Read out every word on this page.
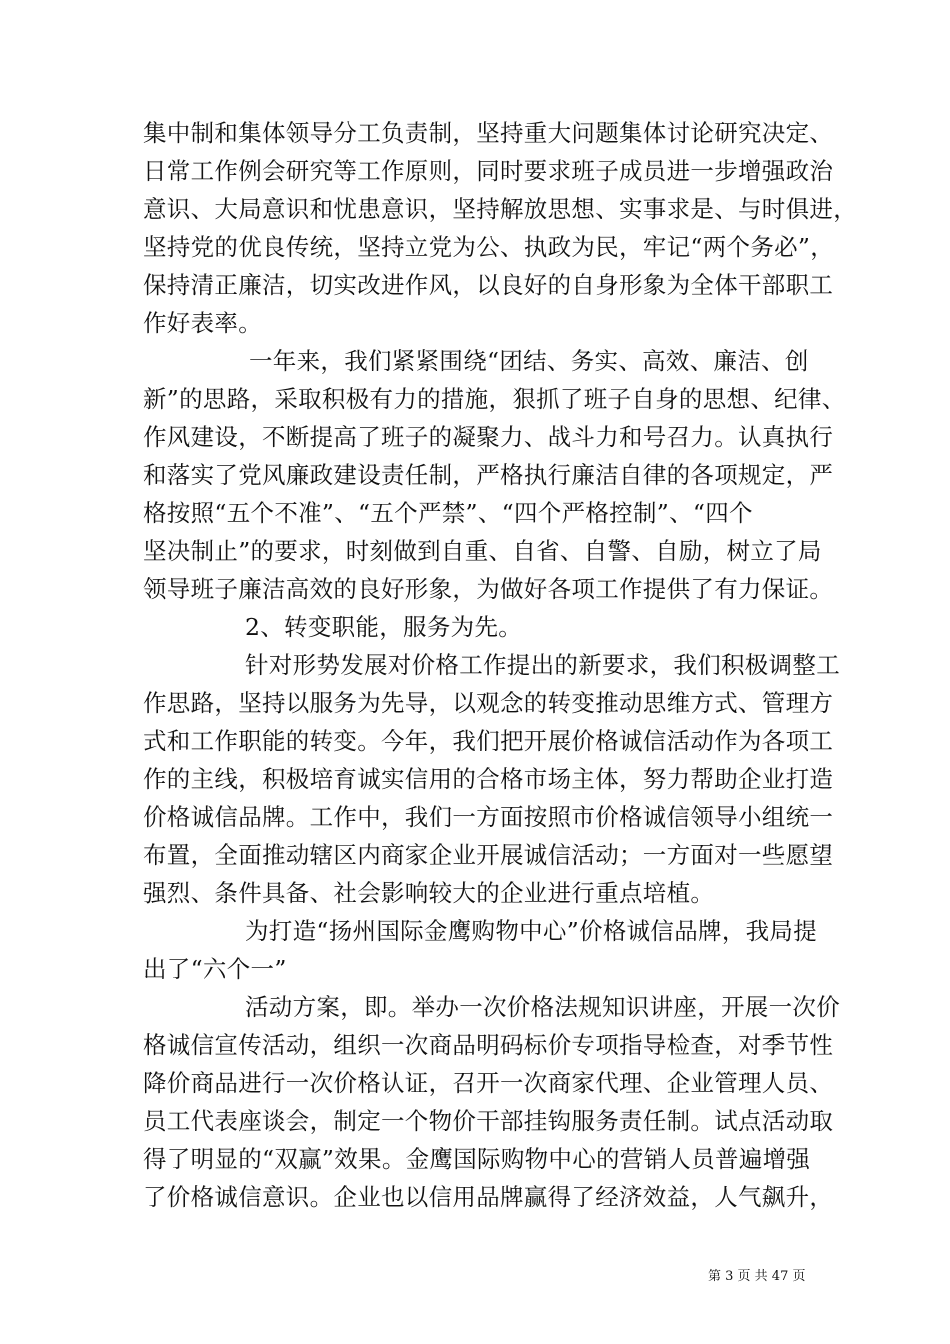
集中制和集体领导分工负责制，坚持重大问题集体讨论研究决定、
日常工作例会研究等工作原则，同时要求班子成员进一步增强政治
意识、大局意识和忧患意识，坚持解放思想、实事求是、与时俱进，
坚持党的优良传统，坚持立党为公、执政为民，牢记“两个务必”，
保持清正廉洁，切实改进作风，以良好的自身形象为全体干部职工
作好表率。
一年来，我们紧紧围绕“团结、务实、高效、廉洁、创
新”的思路，采取积极有力的措施，狠抓了班子自身的思想、纪律、
作风建设，不断提高了班子的凝聚力、战斗力和号召力。认真执行
和落实了党风廉政建设责任制，严格执行廉洁自律的各项规定，严
格按照“五个不准”、“五个严禁”、“四个严格控制”、“四个
坚决制止”的要求，时刻做到自重、自省、自警、自励，树立了局
领导班子廉洁高效的良好形象，为做好各项工作提供了有力保证。
2、转变职能，服务为先。
针对形势发展对价格工作提出的新要求，我们积极调整工
作思路，坚持以服务为先导，以观念的转变推动思维方式、管理方
式和工作职能的转变。今年，我们把开展价格诚信活动作为各项工
作的主线，积极培育诚实信用的合格市场主体，努力帮助企业打造
价格诚信品牌。工作中，我们一方面按照市价格诚信领导小组统一
布置，全面推动辖区内商家企业开展诚信活动；一方面对一些愿望
强烈、条件具备、社会影响较大的企业进行重点培植。
为打造“扬州国际金鹰购物中心”价格诚信品牌，我局提
出了“六个一”
活动方案，即。举办一次价格法规知识讲座，开展一次价
格诚信宣传活动，组织一次商品明码标价专项指导检查，对季节性
降价商品进行一次价格认证，召开一次商家代理、企业管理人员、
员工代表座谈会，制定一个物价干部挂钩服务责任制。试点活动取
得了明显的“双赢”效果。金鹰国际购物中心的营销人员普遍增强
了价格诚信意识。企业也以信用品牌赢得了经济效益，人气飙升，
第 3 页 共 47 页
